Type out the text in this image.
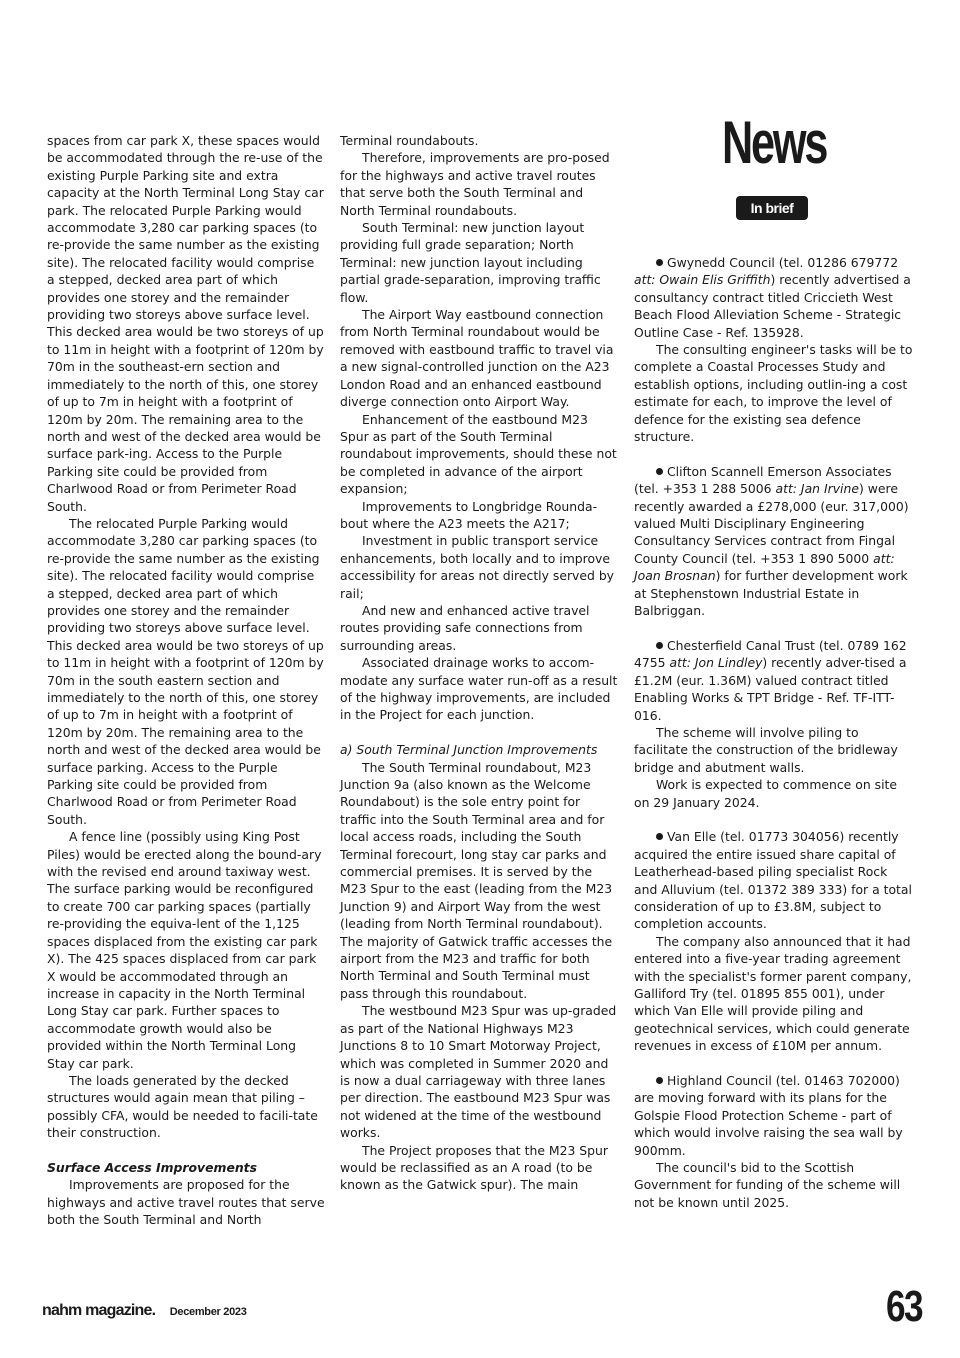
News
In brief

spaces from car park X, these spaces would be accommodated through the re-use of the existing Purple Parking site and extra capacity at the North Terminal Long Stay car park. The relocated Purple Parking would accommodate 3,280 car parking spaces (to re-provide the same number as the existing site). The relocated facility would comprise a stepped, decked area part of which provides one storey and the remainder providing two storeys above surface level. This decked area would be two storeys of up to 11m in height with a footprint of 120m by 70m in the southeast-ern section and immediately to the north of this, one storey of up to 7m in height with a footprint of 120m by 20m. The remaining area to the north and west of the decked area would be surface park-ing. Access to the Purple Parking site could be provided from Charlwood Road or from Perimeter Road South.

The relocated Purple Parking would accommodate 3,280 car parking spaces (to re-provide the same number as the existing site). The relocated facility would comprise a stepped, decked area part of which provides one storey and the remainder providing two storeys above surface level. This decked area would be two storeys of up to 11m in height with a footprint of 120m by 70m in the south eastern section and immediately to the north of this, one storey of up to 7m in height with a footprint of 120m by 20m. The remaining area to the north and west of the decked area would be surface parking. Access to the Purple Parking site could be provided from Charlwood Road or from Perimeter Road South.

A fence line (possibly using King Post Piles) would be erected along the bound-ary with the revised end around taxiway west. The surface parking would be reconfigured to create 700 car parking spaces (partially re-providing the equiva-lent of the 1,125 spaces displaced from the existing car park X). The 425 spaces displaced from car park X would be accommodated through an increase in capacity in the North Terminal Long Stay car park. Further spaces to accommodate growth would also be provided within the North Terminal Long Stay car park.

The loads generated by the decked structures would again mean that piling – possibly CFA, would be needed to facili-tate their construction.

Surface Access Improvements

Improvements are proposed for the highways and active travel routes that serve both the South Terminal and North

Terminal roundabouts.

Therefore, improvements are pro-posed for the highways and active travel routes that serve both the South Terminal and North Terminal roundabouts.

South Terminal: new junction layout providing full grade separation; North Terminal: new junction layout including partial grade-separation, improving traffic flow.

The Airport Way eastbound connection from North Terminal roundabout would be removed with eastbound traffic to travel via a new signal-controlled junction on the A23 London Road and an enhanced eastbound diverge connection onto Airport Way.

Enhancement of the eastbound M23 Spur as part of the South Terminal roundabout improvements, should these not be completed in advance of the airport expansion;

Improvements to Longbridge Rounda-bout where the A23 meets the A217;

Investment in public transport service enhancements, both locally and to improve accessibility for areas not directly served by rail;

And new and enhanced active travel routes providing safe connections from surrounding areas.

Associated drainage works to accom-modate any surface water run-off as a result of the highway improvements, are included in the Project for each junction.

a) South Terminal Junction Improvements

The South Terminal roundabout, M23 Junction 9a (also known as the Welcome Roundabout) is the sole entry point for traffic into the South Terminal area and for local access roads, including the South Terminal forecourt, long stay car parks and commercial premises. It is served by the M23 Spur to the east (leading from the M23 Junction 9) and Airport Way from the west (leading from North Terminal roundabout). The majority of Gatwick traffic accesses the airport from the M23 and traffic for both North Terminal and South Terminal must pass through this roundabout.

The westbound M23 Spur was up-graded as part of the National Highways M23 Junctions 8 to 10 Smart Motorway Project, which was completed in Summer 2020 and is now a dual carriageway with three lanes per direction. The eastbound M23 Spur was not widened at the time of the westbound works.

The Project proposes that the M23 Spur would be reclassified as an A road (to be known as the Gatwick spur). The main

Gwynedd Council (tel. 01286 679772 att: Owain Elis Griffith) recently advertised a consultancy contract titled Criccieth West Beach Flood Alleviation Scheme - Strategic Outline Case - Ref. 135928.

The consulting engineer's tasks will be to complete a Coastal Processes Study and establish options, including outlin-ing a cost estimate for each, to improve the level of defence for the existing sea defence structure.

Clifton Scannell Emerson Associates (tel. +353 1 288 5006 att: Jan Irvine) were recently awarded a £278,000 (eur. 317,000) valued Multi Disciplinary Engineering Consultancy Services contract from Fingal County Council (tel. +353 1 890 5000 att: Joan Brosnan) for further development work at Stephenstown Industrial Estate in Balbriggan.

Chesterfield Canal Trust (tel. 0789 162 4755 att: Jon Lindley) recently adver-tised a £1.2M (eur. 1.36M) valued contract titled Enabling Works & TPT Bridge - Ref. TF-ITT-016.

The scheme will involve piling to facilitate the construction of the bridleway bridge and abutment walls.

Work is expected to commence on site on 29 January 2024.

Van Elle (tel. 01773 304056) recently acquired the entire issued share capital of Leatherhead-based piling specialist Rock and Alluvium (tel. 01372 389 333) for a total consideration of up to £3.8M, subject to completion accounts.

The company also announced that it had entered into a five-year trading agreement with the specialist's former parent company, Galliford Try (tel. 01895 855 001), under which Van Elle will provide piling and geotechnical services, which could generate revenues in excess of £10M per annum.

Highland Council (tel. 01463 702000) are moving forward with its plans for the Golspie Flood Protection Scheme - part of which would involve raising the sea wall by 900mm.

The council's bid to the Scottish Government for funding of the scheme will not be known until 2025.

nahm magazine. December 2023	63
